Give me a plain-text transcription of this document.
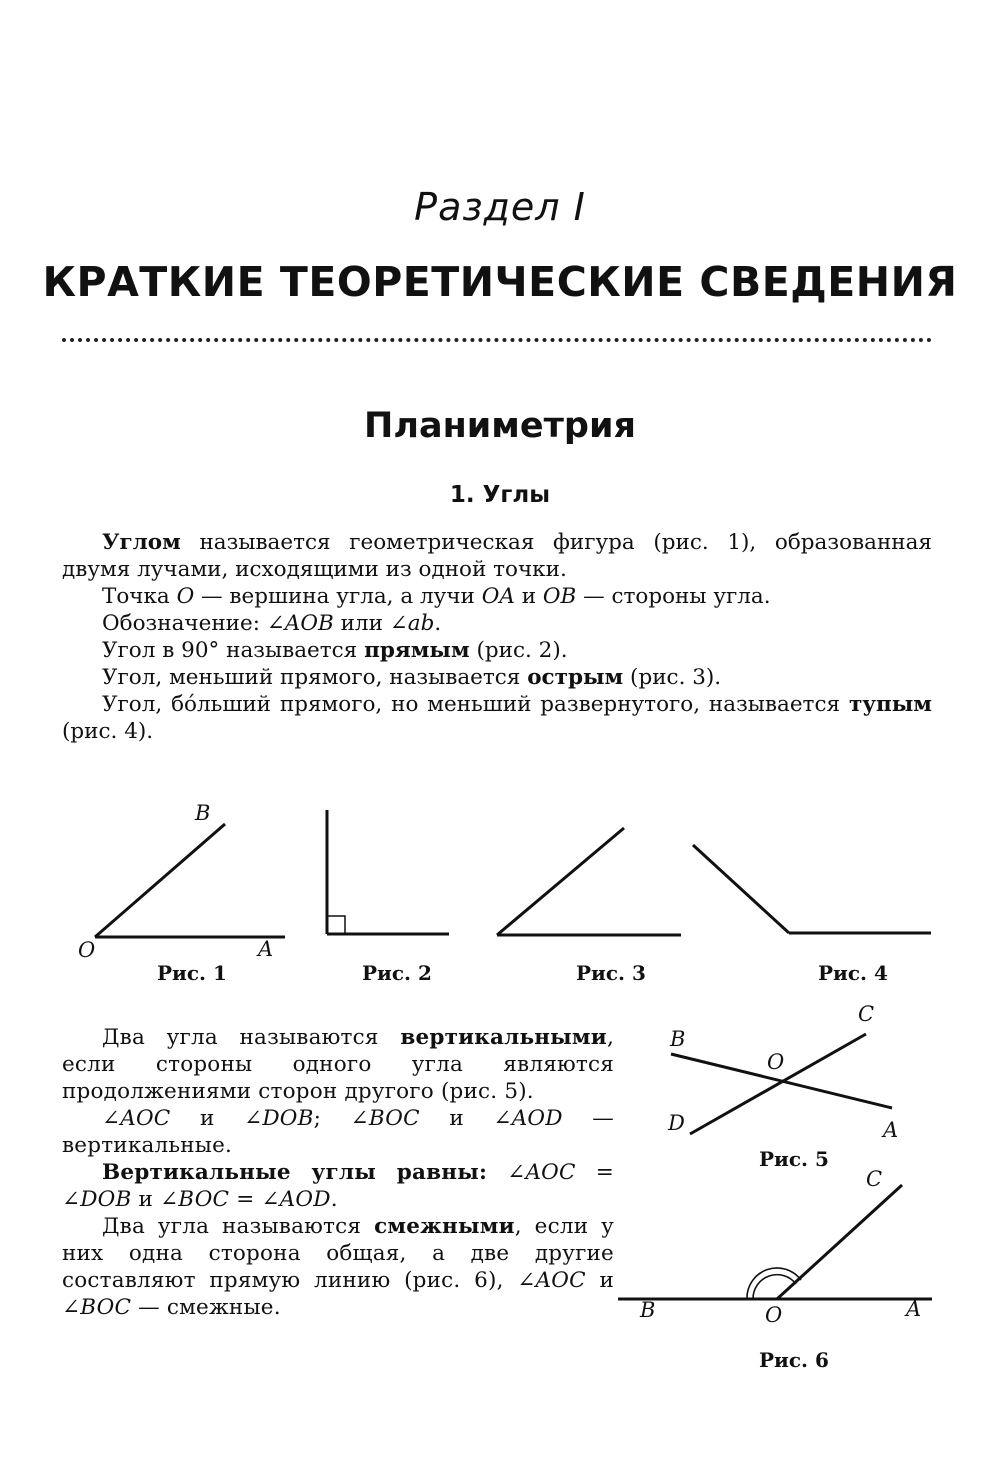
Раздел I
КРАТКИЕ ТЕОРЕТИЧЕСКИЕ СВЕДЕНИЯ
Планиметрия
1. Углы

Углом называется геометрическая фигура (рис. 1), образованная двумя лучами, исходящими из одной точки.

Точка O — вершина угла, а лучи OA и OB — стороны угла.

Обозначение: ∠AOB или ∠ab.

Угол в 90° называется прямым (рис. 2).

Угол, меньший прямого, называется острым (рис. 3).

Угол, бóльший прямого, но меньший развернутого, называется тупым (рис. 4).

B
O	A
Рис. 1	Рис. 2	Рис. 3	Рис. 4

Два угла называются вертикальными, если стороны одного угла являются продолжениями сторон другого (рис. 5).

∠AOC и ∠DOB; ∠BOC и ∠AOD — вертикальные.

Вертикальные углы равны: ∠AOC = ∠DOB и ∠BOC = ∠AOD.

Два угла называются смежными, если у них одна сторона общая, а две другие составляют прямую линию (рис. 6), ∠AOC и ∠BOC — смежные.

C
B
O
D	A
Рис. 5
C
B	O	A
Рис. 6
